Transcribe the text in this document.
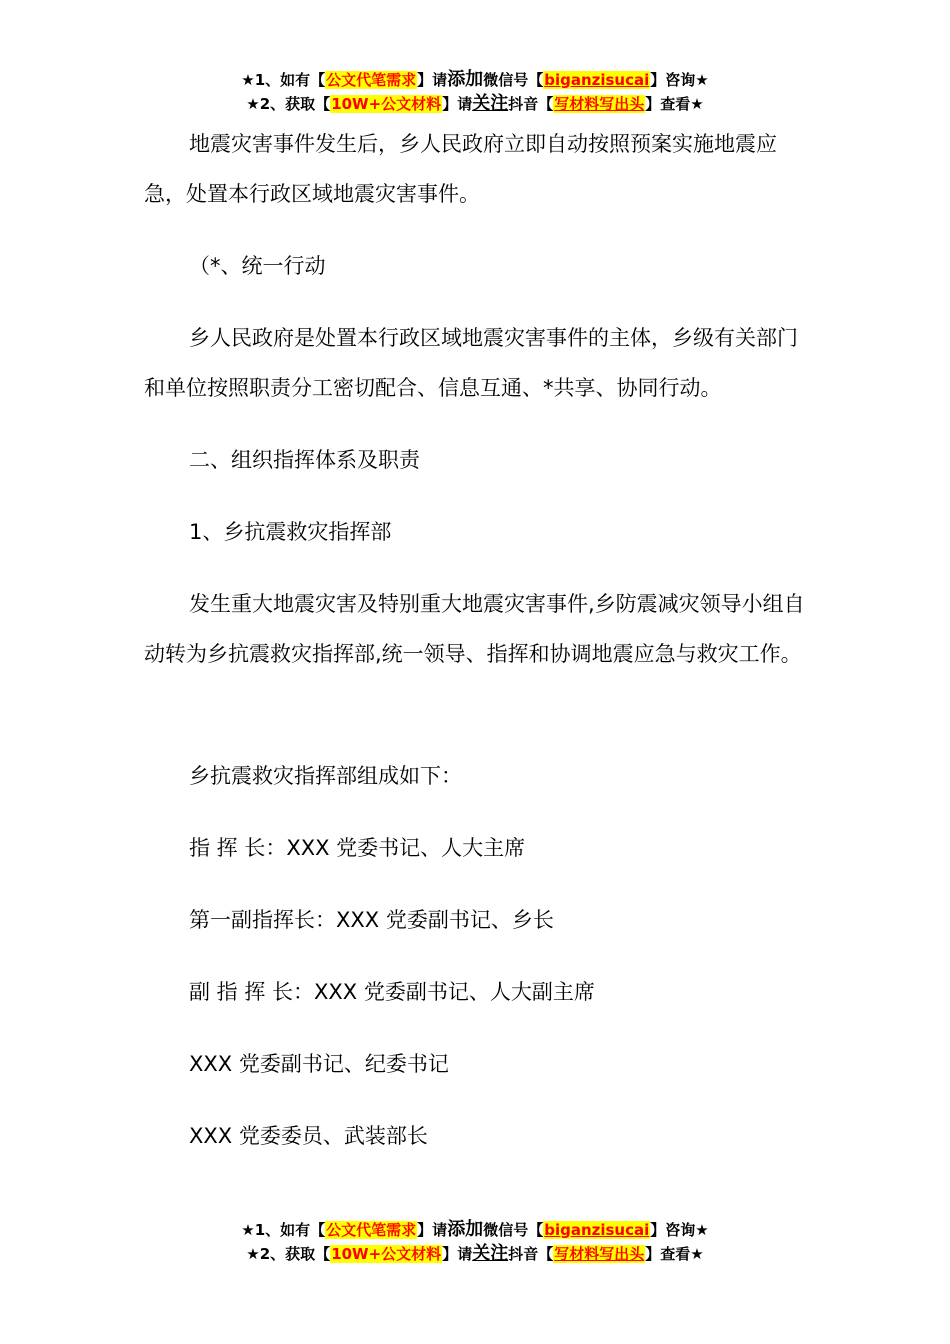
★1、如有【公文代笔需求】请添加微信号【biganzisucai】咨询★
★2、获取【10W+公文材料】请关注抖音【写材料写出头】查看★

地震灾害事件发生后，乡人民政府立即自动按照预案实施地震应急，处置本行政区域地震灾害事件。

（*、统一行动

乡人民政府是处置本行政区域地震灾害事件的主体，乡级有关部门和单位按照职责分工密切配合、信息互通、*共享、协同行动。

二、组织指挥体系及职责

1、乡抗震救灾指挥部

发生重大地震灾害及特别重大地震灾害事件,乡防震减灾领导小组自动转为乡抗震救灾指挥部,统一领导、指挥和协调地震应急与救灾工作。

乡抗震救灾指挥部组成如下：

指 挥 长：XXX 党委书记、人大主席

第一副指挥长：XXX 党委副书记、乡长

副 指 挥 长：XXX 党委副书记、人大副主席

XXX 党委副书记、纪委书记

XXX 党委委员、武装部长

★1、如有【公文代笔需求】请添加微信号【biganzisucai】咨询★
★2、获取【10W+公文材料】请关注抖音【写材料写出头】查看★
